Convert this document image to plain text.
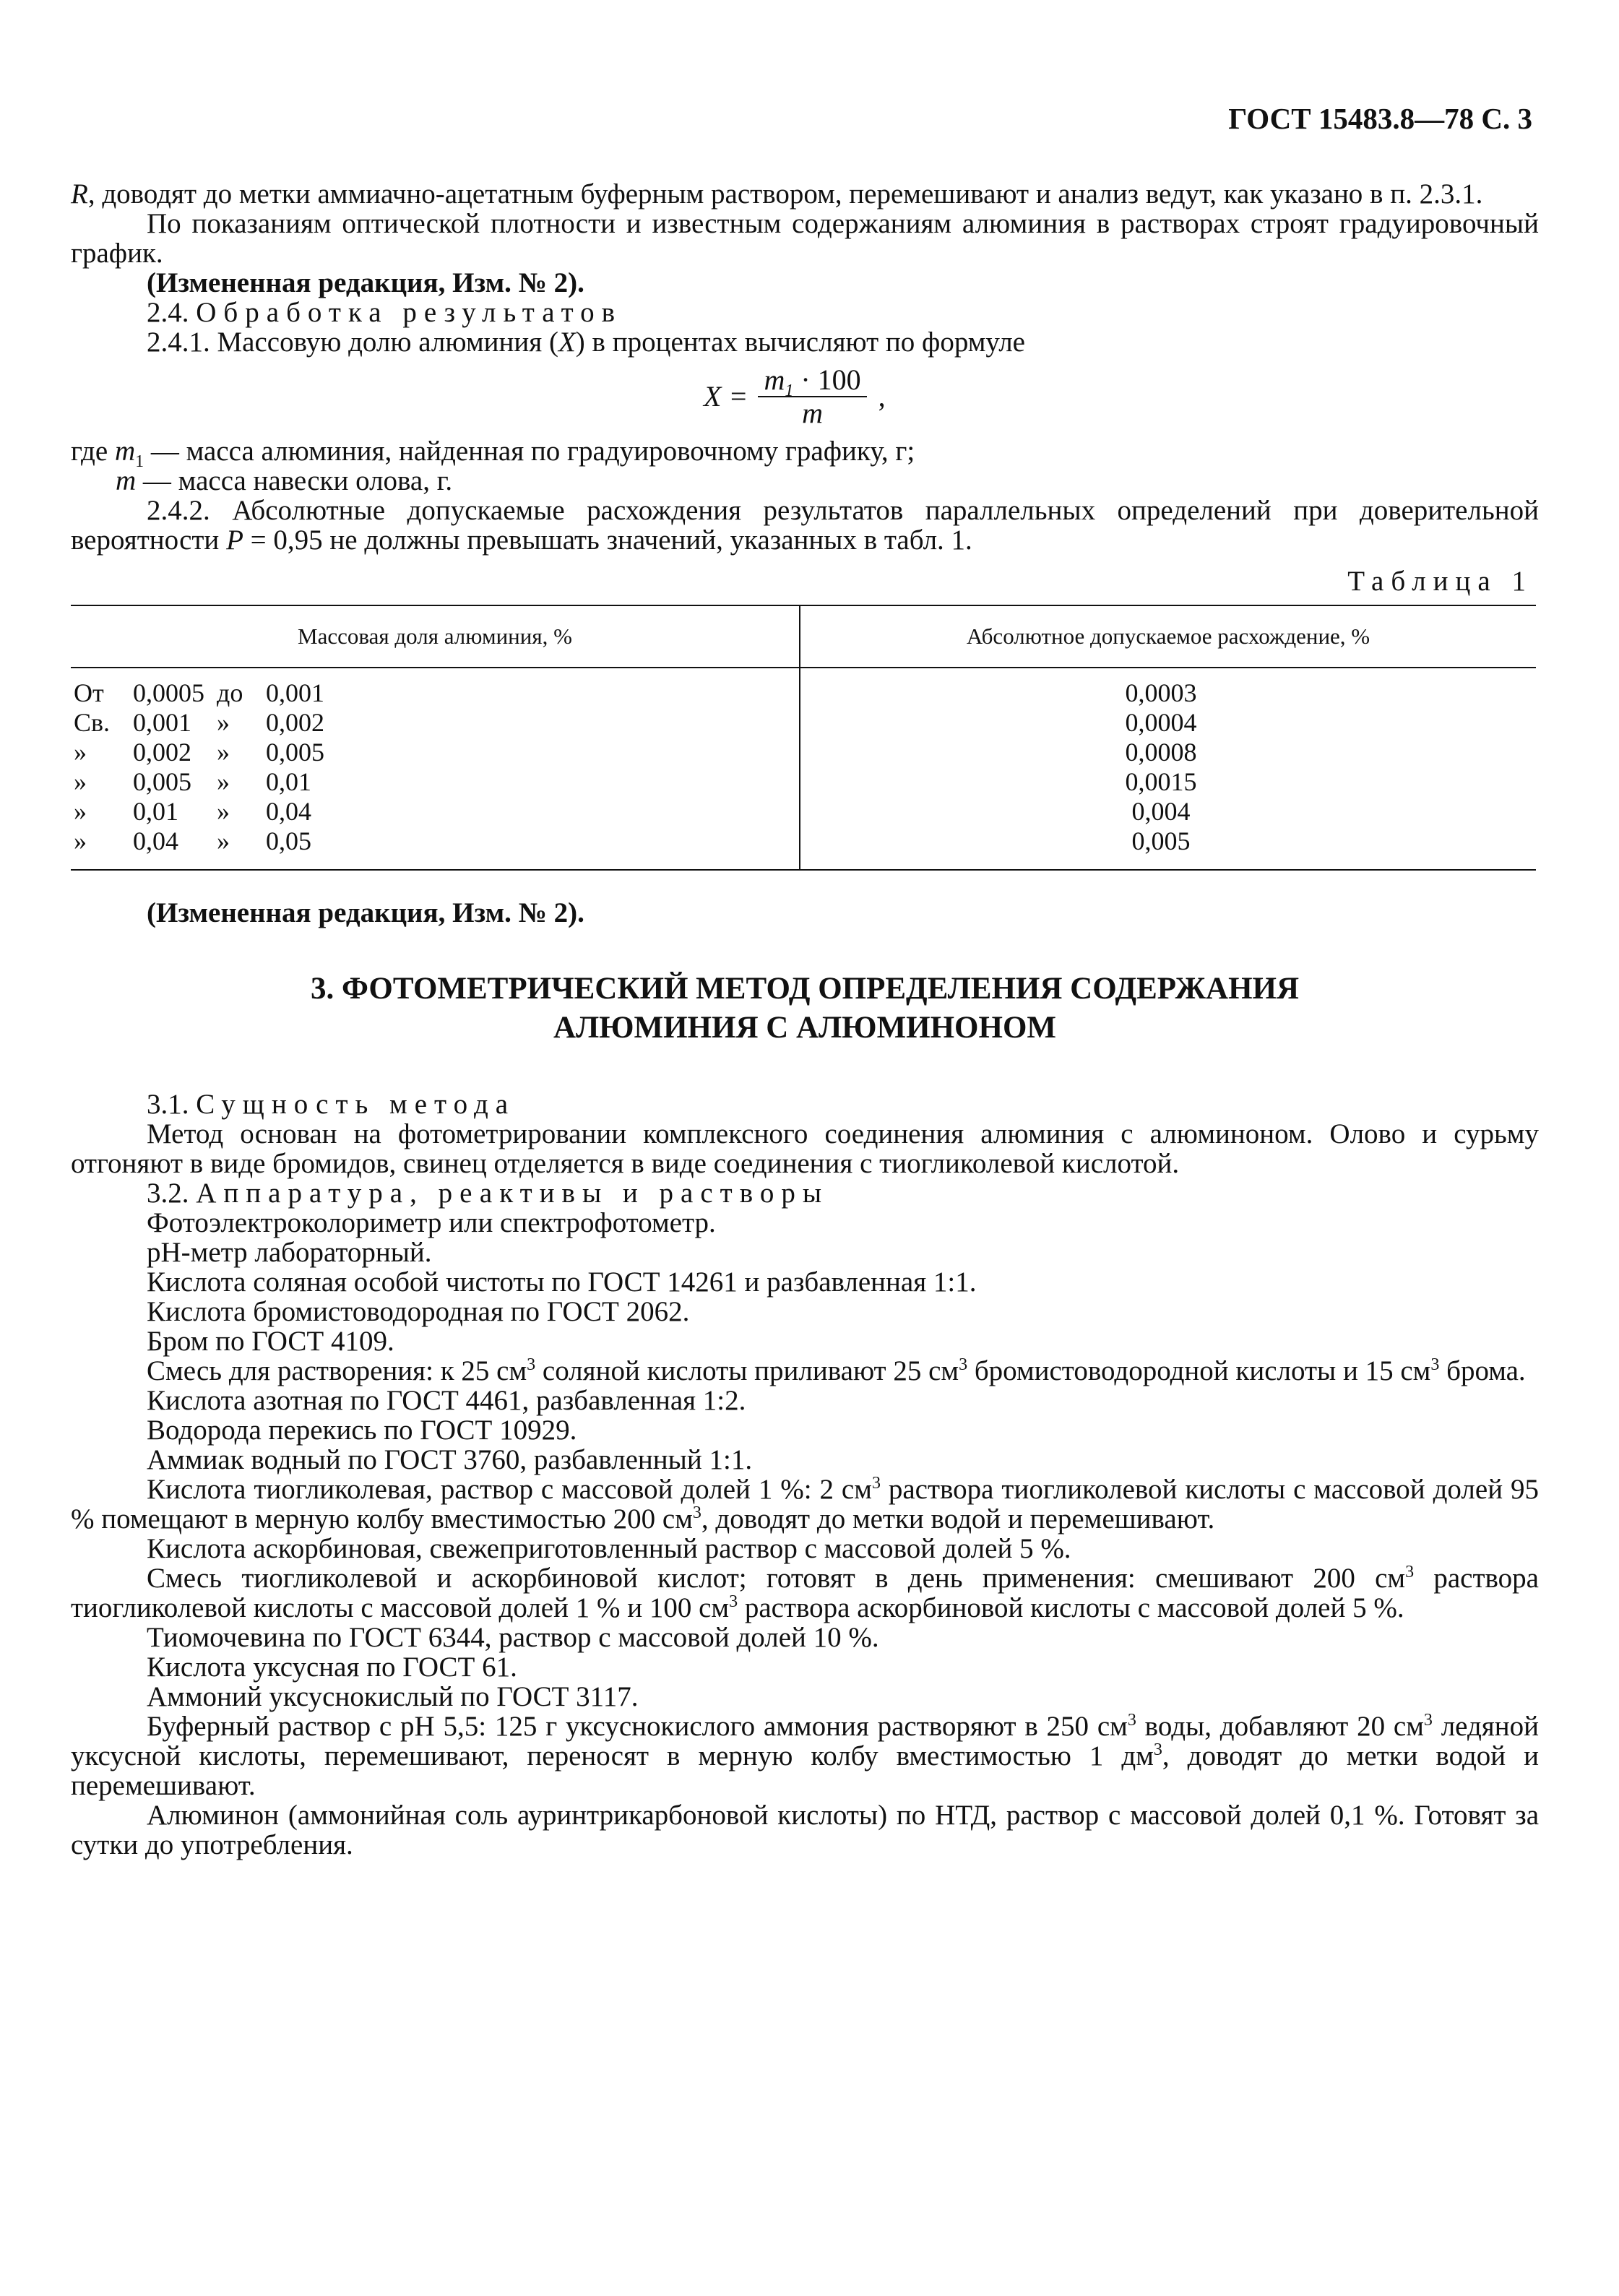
ГОСТ 15483.8—78 С. 3

R, доводят до метки аммиачно-ацетатным буферным раствором, перемешивают и анализ ведут, как указано в п. 2.3.1.

По показаниям оптической плотности и известным содержаниям алюминия в растворах строят градуировочный график.

(Измененная редакция, Изм. № 2).

2.4. Обработка результатов

2.4.1. Массовую долю алюминия (X) в процентах вычисляют по формуле

$X = \frac{m_1 \cdot 100}{m}$ ,

где $m_1$ — масса алюминия, найденная по градуировочному графику, г;

m — масса навески олова, г.

2.4.2. Абсолютные допускаемые расхождения результатов параллельных определений при доверительной вероятности P = 0,95 не должны превышать значений, указанных в табл. 1.

Таблица 1
Массовая доля алюминия, %	Абсолютное допускаемое расхождение, %
От 0,0005 до 0,001	0,0003
Св. 0,001 » 0,002	0,0004
» 0,002 » 0,005	0,0008
» 0,005 » 0,01	0,0015
» 0,01 » 0,04	0,004
» 0,04 » 0,05	0,005

(Измененная редакция, Изм. № 2).

3. ФОТОМЕТРИЧЕСКИЙ МЕТОД ОПРЕДЕЛЕНИЯ СОДЕРЖАНИЯ
АЛЮМИНИЯ С АЛЮМИНОНОМ

3.1. Сущность метода

Метод основан на фотометрировании комплексного соединения алюминия с алюминоном. Олово и сурьму отгоняют в виде бромидов, свинец отделяется в виде соединения с тиогликолевой кислотой.

3.2. Аппаратура, реактивы и растворы

Фотоэлектроколориметр или спектрофотометр.

pH-метр лабораторный.

Кислота соляная особой чистоты по ГОСТ 14261 и разбавленная 1:1.

Кислота бромистоводородная по ГОСТ 2062.

Бром по ГОСТ 4109.

Смесь для растворения: к 25 $см^3$ соляной кислоты приливают 25 $см^3$ бромистоводородной кислоты и 15 $см^3$ брома.

Кислота азотная по ГОСТ 4461, разбавленная 1:2.

Водорода перекись по ГОСТ 10929.

Аммиак водный по ГОСТ 3760, разбавленный 1:1.

Кислота тиогликолевая, раствор с массовой долей 1 %: 2 $см^3$ раствора тиогликолевой кислоты с массовой долей 95 % помещают в мерную колбу вместимостью 200 $см^3$, доводят до метки водой и перемешивают.

Кислота аскорбиновая, свежеприготовленный раствор с массовой долей 5 %.

Смесь тиогликолевой и аскорбиновой кислот; готовят в день применения: смешивают 200 $см^3$ раствора тиогликолевой кислоты с массовой долей 1 % и 100 $см^3$ раствора аскорбиновой кислоты с массовой долей 5 %.

Тиомочевина по ГОСТ 6344, раствор с массовой долей 10 %.

Кислота уксусная по ГОСТ 61.

Аммоний уксуснокислый по ГОСТ 3117.

Буферный раствор с pH 5,5: 125 г уксуснокислого аммония растворяют в 250 $см^3$ воды, добавляют 20 $см^3$ ледяной уксусной кислоты, перемешивают, переносят в мерную колбу вместимостью 1 $дм^3$, доводят до метки водой и перемешивают.

Алюминон (аммонийная соль ауринтрикарбоновой кислоты) по НТД, раствор с массовой долей 0,1 %. Готовят за сутки до употребления.
